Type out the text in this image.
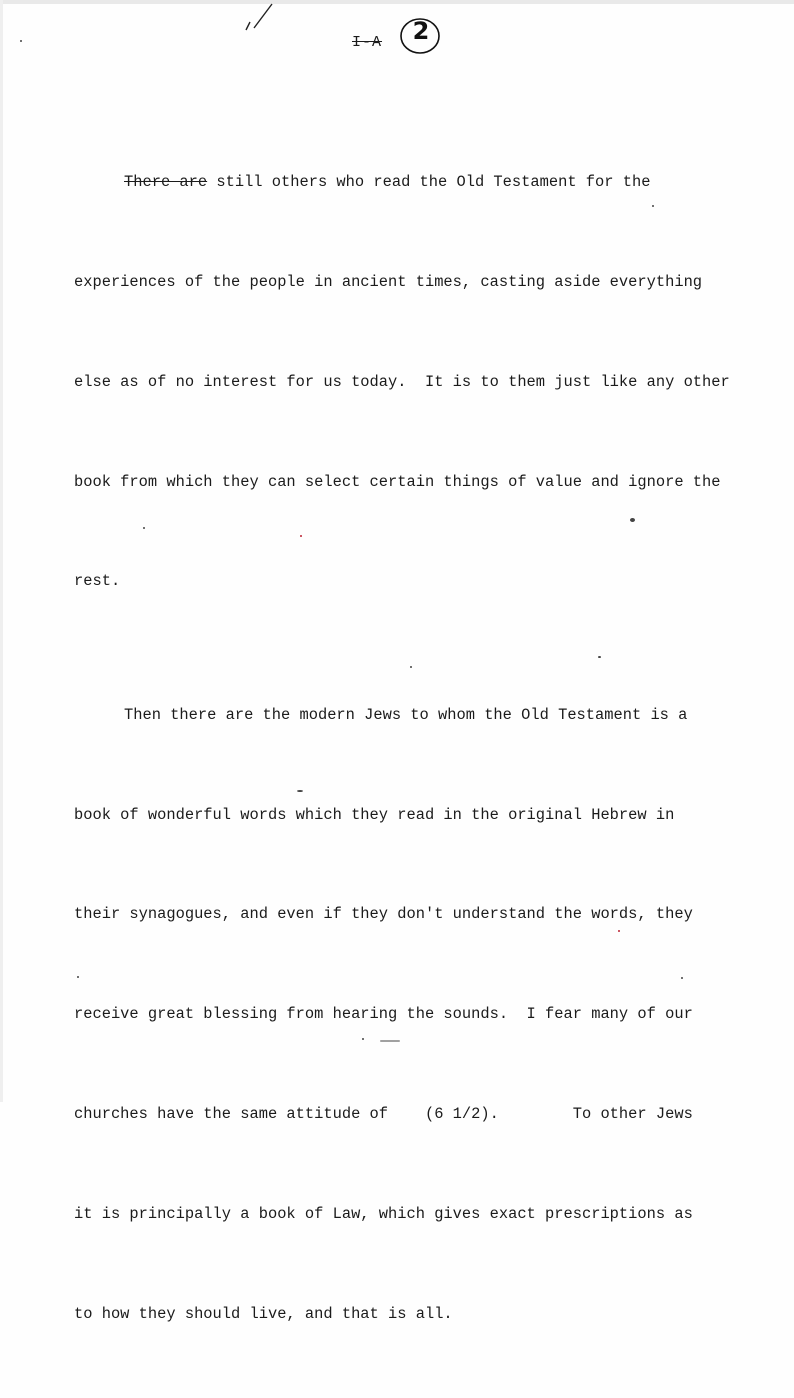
I-A 2

There are still others who read the Old Testament for the

experiences of the people in ancient times, casting aside everything

else as of no interest for us today.  It is to them just like any other

book from which they can select certain things of value and ignore the

rest.

Then there are the modern Jews to whom the Old Testament is a

book of wonderful words which they read in the original Hebrew in

their synagogues, and even if they don't understand the words, they

receive great blessing from hearing the sounds.  I fear many of our

churches have the same attitude of    (6 1/2).        To other Jews

it is principally a book of Law, which gives exact prescriptions as

to how they should live, and that is all.
